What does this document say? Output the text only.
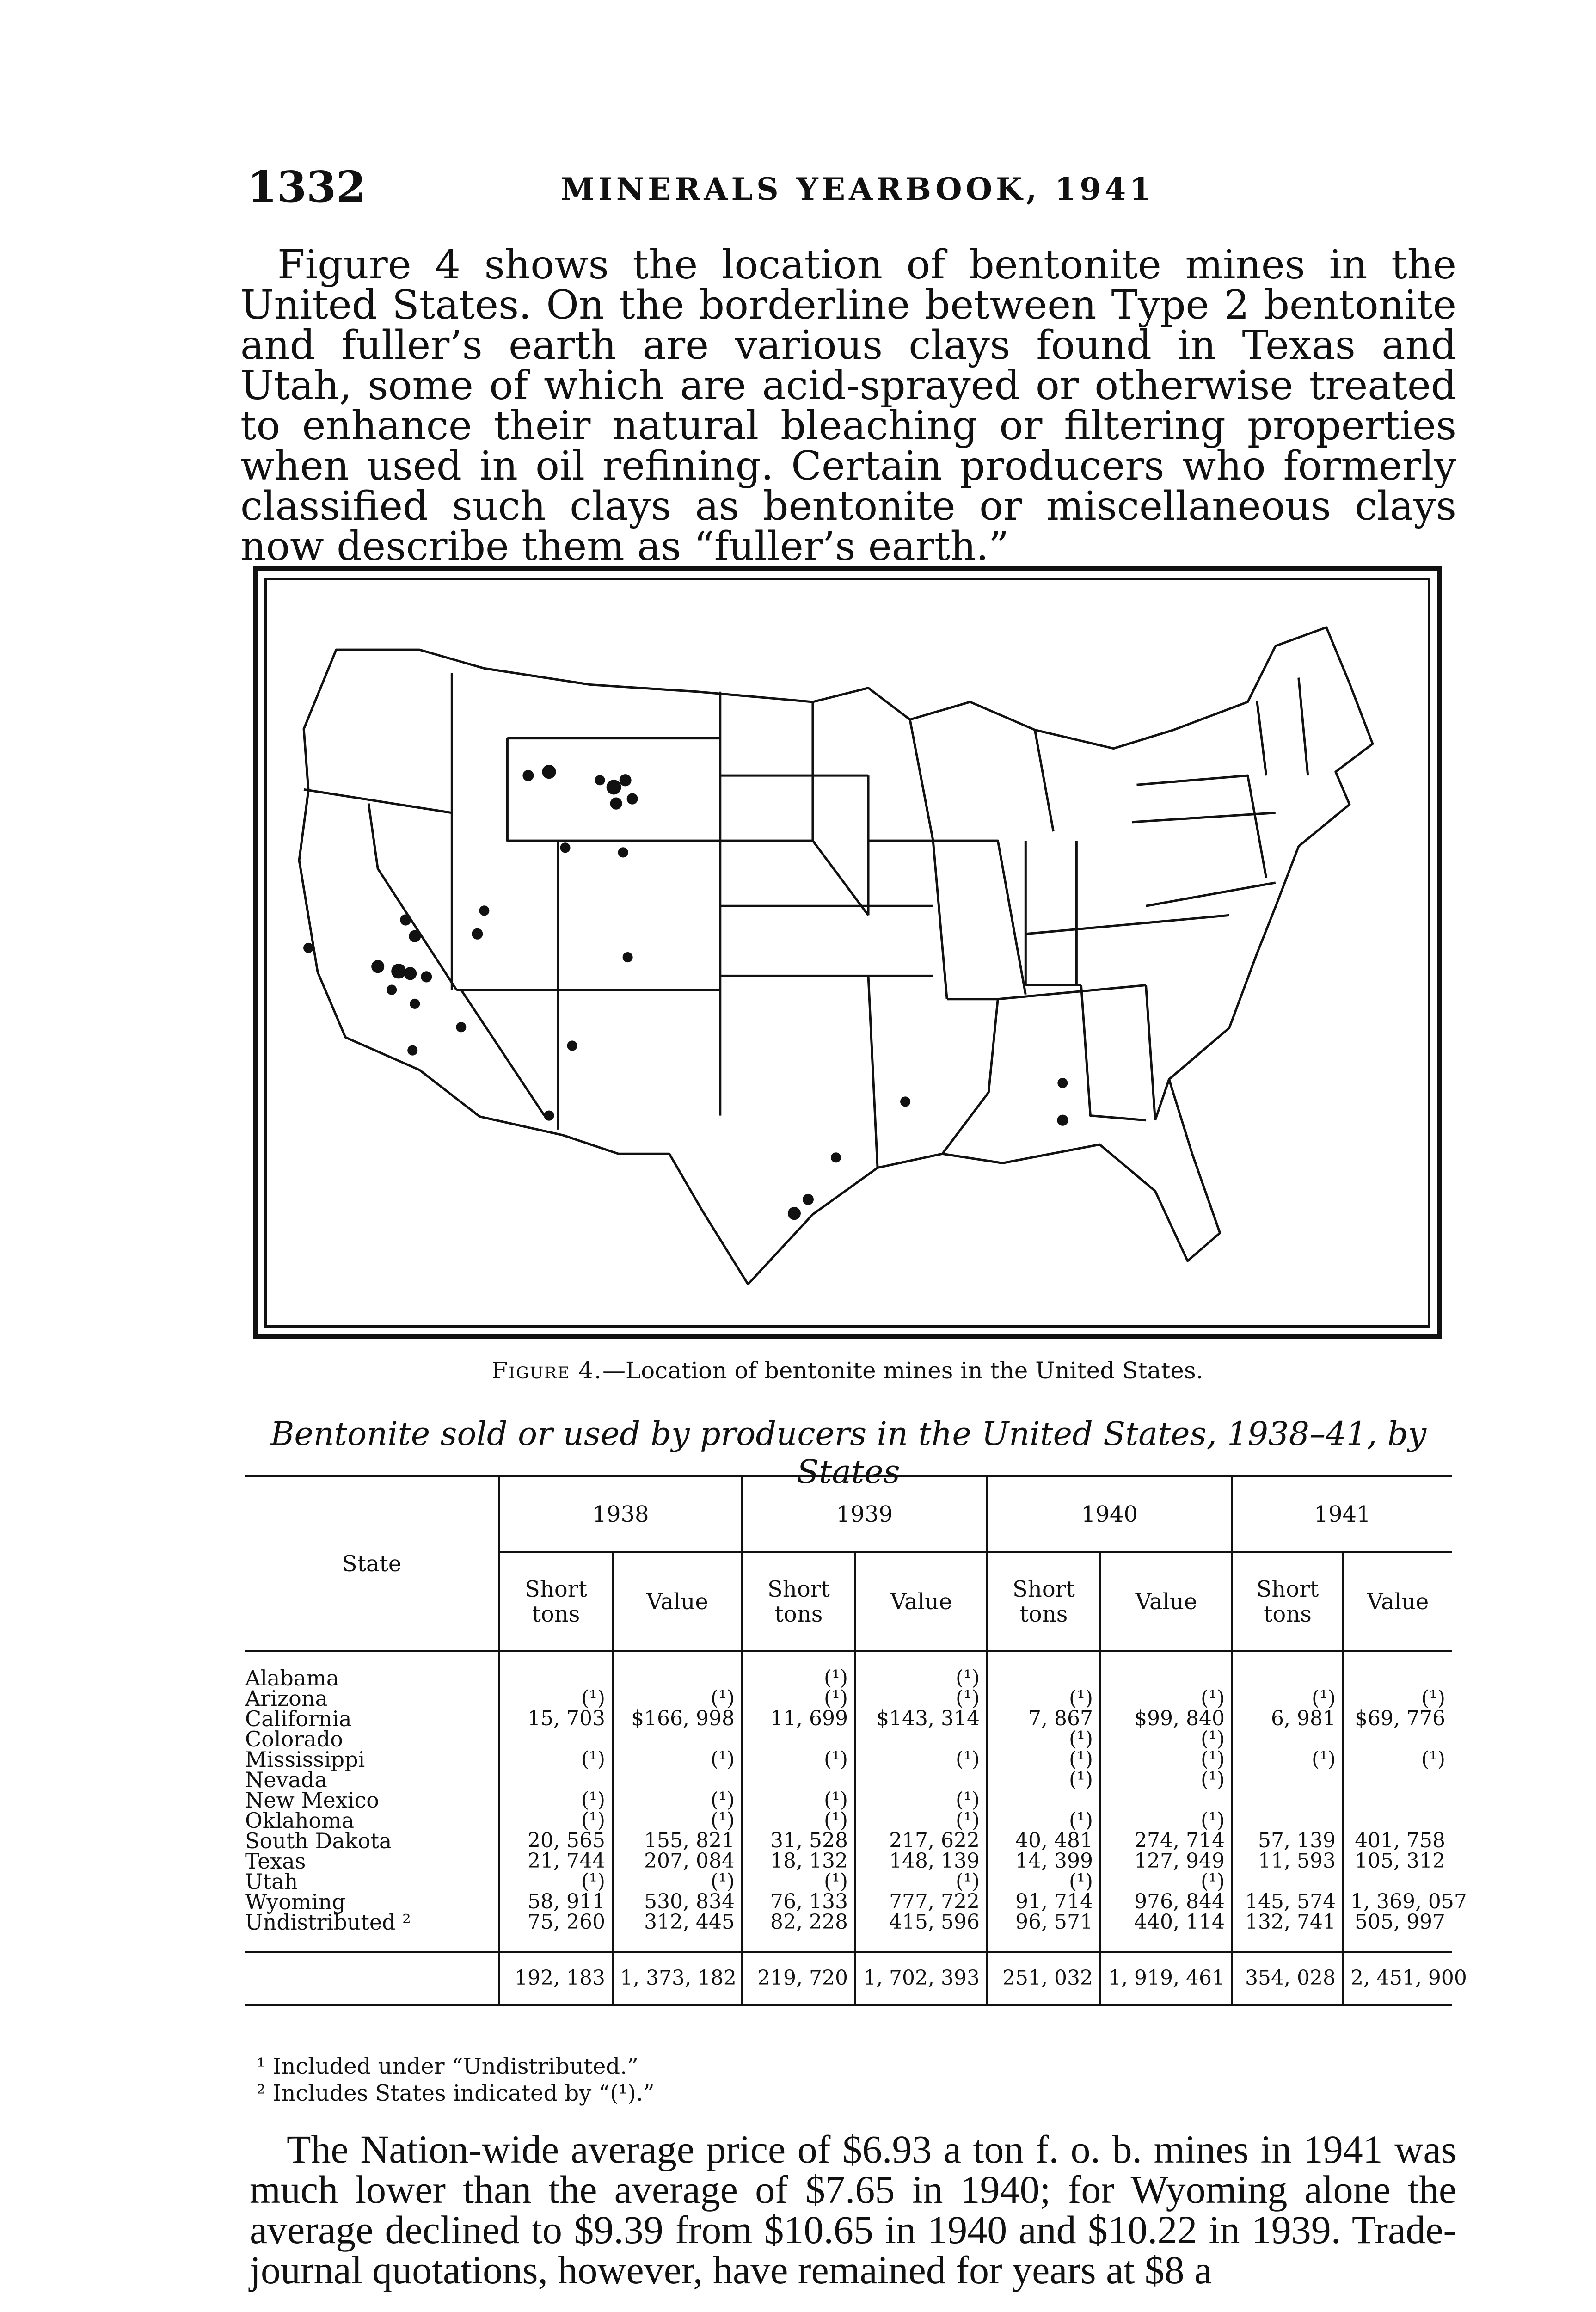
1332	MINERALS YEARBOOK, 1941

Figure 4 shows the location of bentonite mines in the United States. On the borderline between Type 2 bentonite and fuller’s earth are various clays found in Texas and Utah, some of which are acid-sprayed or otherwise treated to enhance their natural bleaching or filtering properties when used in oil refining. Certain producers who formerly classified such clays as bentonite or miscellaneous clays now describe them as “fuller’s earth.”

Figure 4.—Location of bentonite mines in the United States.
Bentonite sold or used by producers in the United States, 1938–41, by States
State	1938		1939		1940		1941	
	Short tons	Value	Short tons	Value	Short tons	Value	Short tons	Value
Alabama			(¹)	(¹)				
Arizona	(¹)	(¹)	(¹)	(¹)	(¹)	(¹)	(¹)	(¹)
California	15, 703	$166, 998	11, 699	$143, 314	7, 867	$99, 840	6, 981	$69, 776
Colorado					(¹)	(¹)		
Mississippi	(¹)	(¹)	(¹)	(¹)	(¹)	(¹)	(¹)	(¹)
Nevada					(¹)	(¹)		
New Mexico	(¹)	(¹)	(¹)	(¹)				
Oklahoma	(¹)	(¹)	(¹)	(¹)	(¹)	(¹)		
South Dakota	20, 565	155, 821	31, 528	217, 622	40, 481	274, 714	57, 139	401, 758
Texas	21, 744	207, 084	18, 132	148, 139	14, 399	127, 949	11, 593	105, 312
Utah	(¹)	(¹)	(¹)	(¹)	(¹)	(¹)		
Wyoming	58, 911	530, 834	76, 133	777, 722	91, 714	976, 844	145, 574	1, 369, 057
Undistributed ²	75, 260	312, 445	82, 228	415, 596	96, 571	440, 114	132, 741	505, 997
	192, 183	1, 373, 182	219, 720	1, 702, 393	251, 032	1, 919, 461	354, 028	2, 451, 900
¹ Included under “Undistributed.”
² Includes States indicated by “(¹).”

The Nation-wide average price of $6.93 a ton f. o. b. mines in 1941 was much lower than the average of $7.65 in 1940; for Wyoming alone the average declined to $9.39 from $10.65 in 1940 and $10.22 in 1939. Trade-journal quotations, however, have remained for years at $8 a
